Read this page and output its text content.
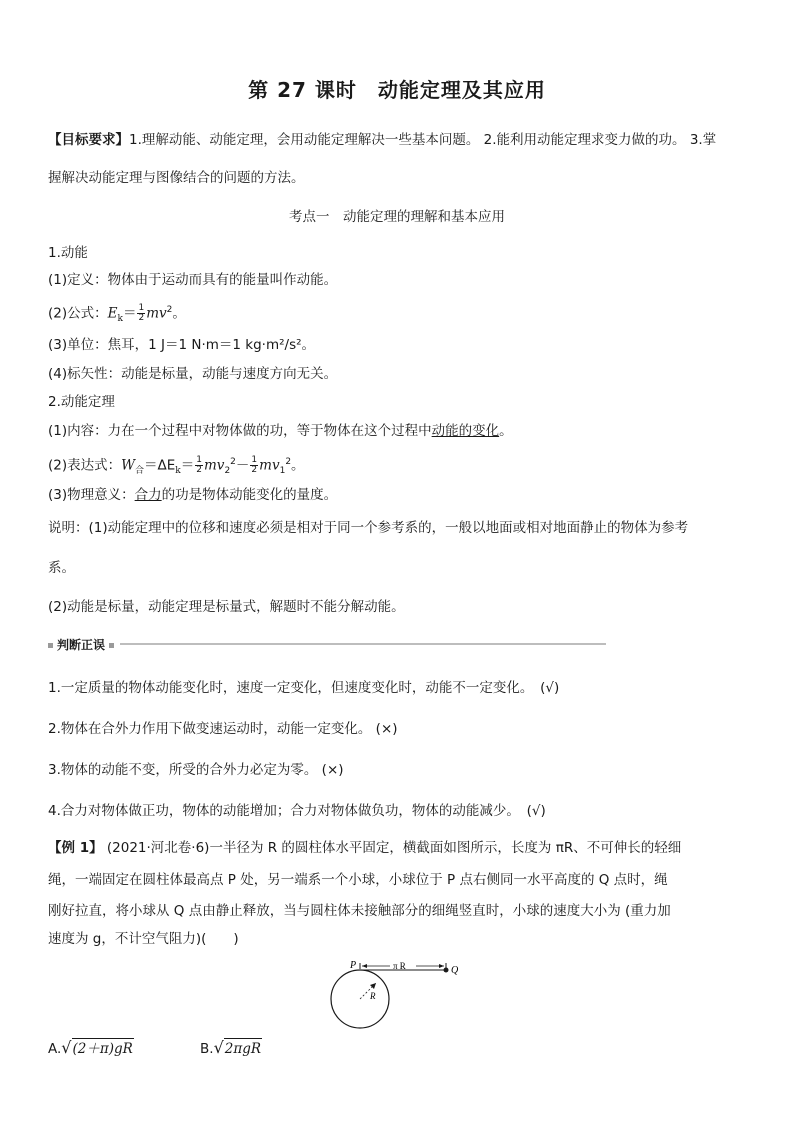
第 27 课时　动能定理及其应用
【目标要求】1.理解动能、动能定理，会用动能定理解决一些基本问题。 2.能利用动能定理求变力做的功。 3.掌
握解决动能定理与图像结合的问题的方法。
考点一　动能定理的理解和基本应用
1.动能
(1)定义：物体由于运动而具有的能量叫作动能。
(2)公式：$E_k= \frac{1}{2} mv^2$。
(3)单位：焦耳，1 J＝1 N·m＝1 kg·m²/s²。
(4)标矢性：动能是标量，动能与速度方向无关。
2.动能定理
(1)内容：力在一个过程中对物体做的功，等于物体在这个过程中动能的变化。
(2)表达式：$W_合=\Delta E_k= \frac{1}{2} mv_2^2- \frac{1}{2} mv_1^2$。
(3)物理意义：合力的功是物体动能变化的量度。
说明：(1)动能定理中的位移和速度必须是相对于同一个参考系的，一般以地面或相对地面静止的物体为参考
系。
(2)动能是标量，动能定理是标量式，解题时不能分解动能。
判断正误
1.一定质量的物体动能变化时，速度一定变化，但速度变化时，动能不一定变化。　(√)
2.物体在合外力作用下做变速运动时，动能一定变化。 (×)
3.物体的动能不变，所受的合外力必定为零。 (×)
4.合力对物体做正功，物体的动能增加；合力对物体做负功，物体的动能减少。　(√)
【例 1】 (2021·河北卷·6)一半径为 R 的圆柱体水平固定，横截面如图所示，长度为 πR、不可伸长的轻细
绳，一端固定在圆柱体最高点 P 处，另一端系一个小球，小球位于 P 点右侧同一水平高度的 Q 点时，绳
刚好拉直，将小球从 Q 点由静止释放，当与圆柱体未接触部分的细绳竖直时，小球的速度大小为 (重力加
速度为 g，不计空气阻力)(　　)
P	Q
π R
R
A.√(2＋π)gR	B.√2πgR
